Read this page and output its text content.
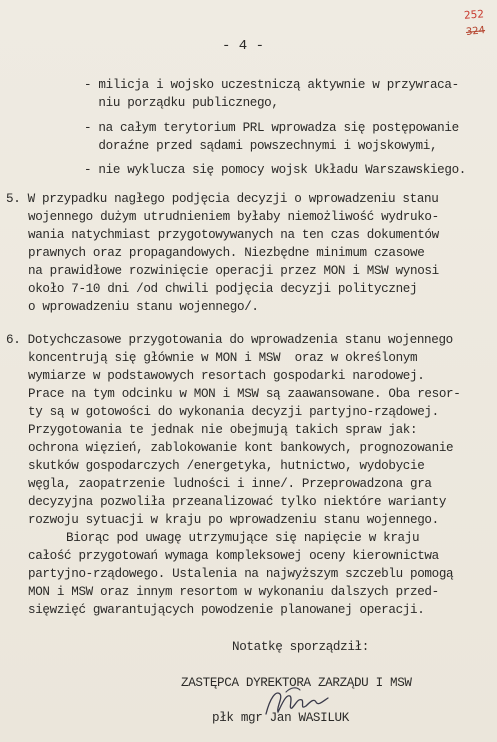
252
324
- 4 -
- milicja i wojsko uczestniczą aktywnie w przywraca-
niu porządku publicznego,
- na całym terytorium PRL wprowadza się postępowanie
doraźne przed sądami powszechnymi i wojskowymi,
- nie wyklucza się pomocy wojsk Układu Warszawskiego.
5. W przypadku nagłego podjęcia decyzji o wprowadzeniu stanu
wojennego dużym utrudnieniem byłaby niemożliwość wydruko-
wania natychmiast przygotowywanych na ten czas dokumentów
prawnych oraz propagandowych. Niezbędne minimum czasowe
na prawidłowe rozwinięcie operacji przez MON i MSW wynosi
około 7-10 dni /od chwili podjęcia decyzji politycznej
o wprowadzeniu stanu wojennego/.
6. Dotychczasowe przygotowania do wprowadzenia stanu wojennego
koncentrują się głównie w MON i MSW  oraz w określonym
wymiarze w podstawowych resortach gospodarki narodowej.
Prace na tym odcinku w MON i MSW są zaawansowane. Oba resor-
ty są w gotowości do wykonania decyzji partyjno-rządowej.
Przygotowania te jednak nie obejmują takich spraw jak:
ochrona więzień, zablokowanie kont bankowych, prognozowanie
skutków gospodarczych /energetyka, hutnictwo, wydobycie
węgla, zaopatrzenie ludności i inne/. Przeprowadzona gra
decyzyjna pozwoliła przeanalizować tylko niektóre warianty
rozwoju sytuacji w kraju po wprowadzeniu stanu wojennego.
Biorąc pod uwagę utrzymujące się napięcie w kraju
całość przygotowań wymaga kompleksowej oceny kierownictwa
partyjno-rządowego. Ustalenia na najwyższym szczeblu pomogą
MON i MSW oraz innym resortom w wykonaniu dalszych przed-
sięwzięć gwarantujących powodzenie planowanej operacji.
Notatkę sporządził:
ZASTĘPCA DYREKTORA ZARZĄDU I MSW
płk mgr Jan WASILUK
